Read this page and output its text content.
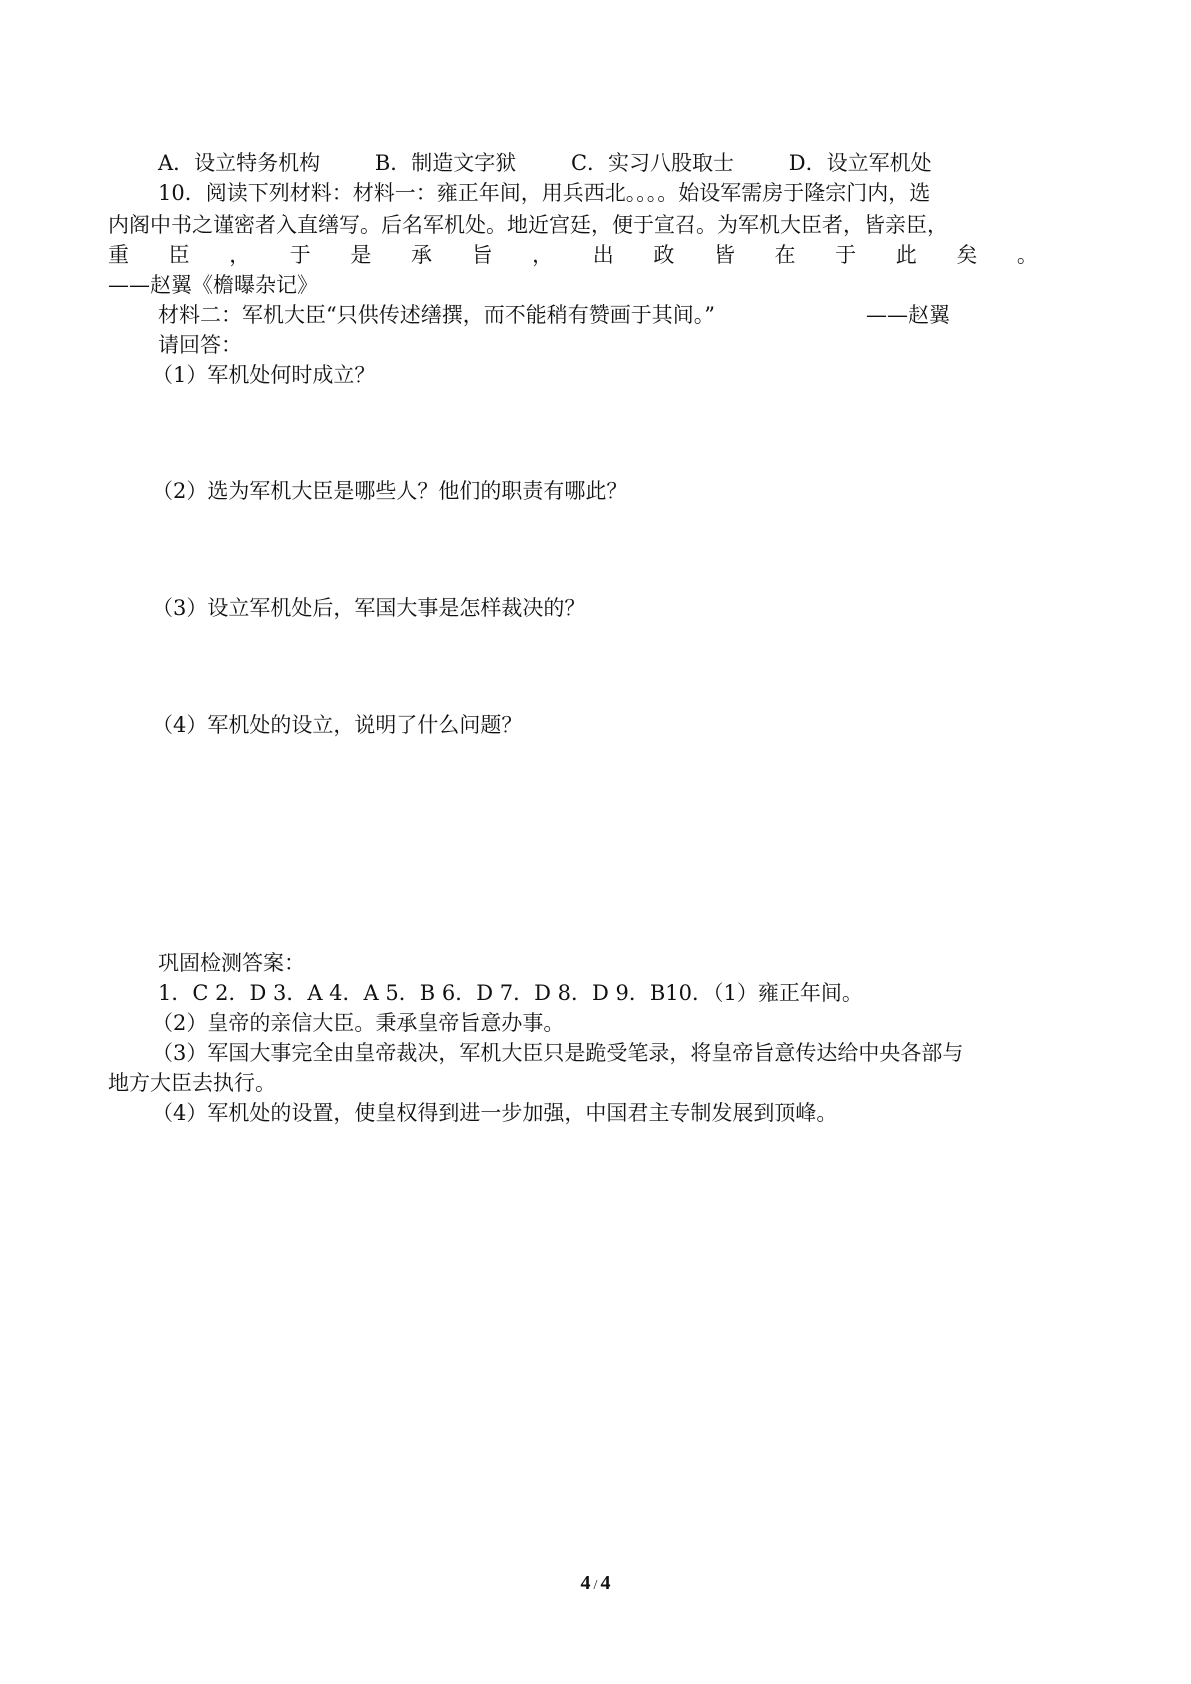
A．设立特务机构	B．制造文字狱	C．实习八股取士	D．设立军机处
10．阅读下列材料：材料一：雍正年间，用兵西北。。。。始设军需房于隆宗门内，选
内阁中书之谨密者入直缮写。后名军机处。地近宫廷，便于宣召。为军机大臣者，皆亲臣，
重 臣 ， 于 是 承 旨 ， 出 政 皆 在 于 此 矣 。
——赵翼《檐曝杂记》
材料二：军机大臣“只供传述缮撰，而不能稍有赞画于其间。”	——赵翼
请回答：
（1）军机处何时成立？
（2）选为军机大臣是哪些人？他们的职责有哪此？
（3）设立军机处后，军国大事是怎样裁决的？
（4）军机处的设立，说明了什么问题？
巩固检测答案：
1．C 2．D 3．A 4．A 5．B 6．D 7．D 8．D 9．B10．（1）雍正年间。
（2）皇帝的亲信大臣。秉承皇帝旨意办事。
（3）军国大事完全由皇帝裁决，军机大臣只是跪受笔录，将皇帝旨意传达给中央各部与
地方大臣去执行。
（4）军机处的设置，使皇权得到进一步加强，中国君主专制发展到顶峰。
4 / 4
